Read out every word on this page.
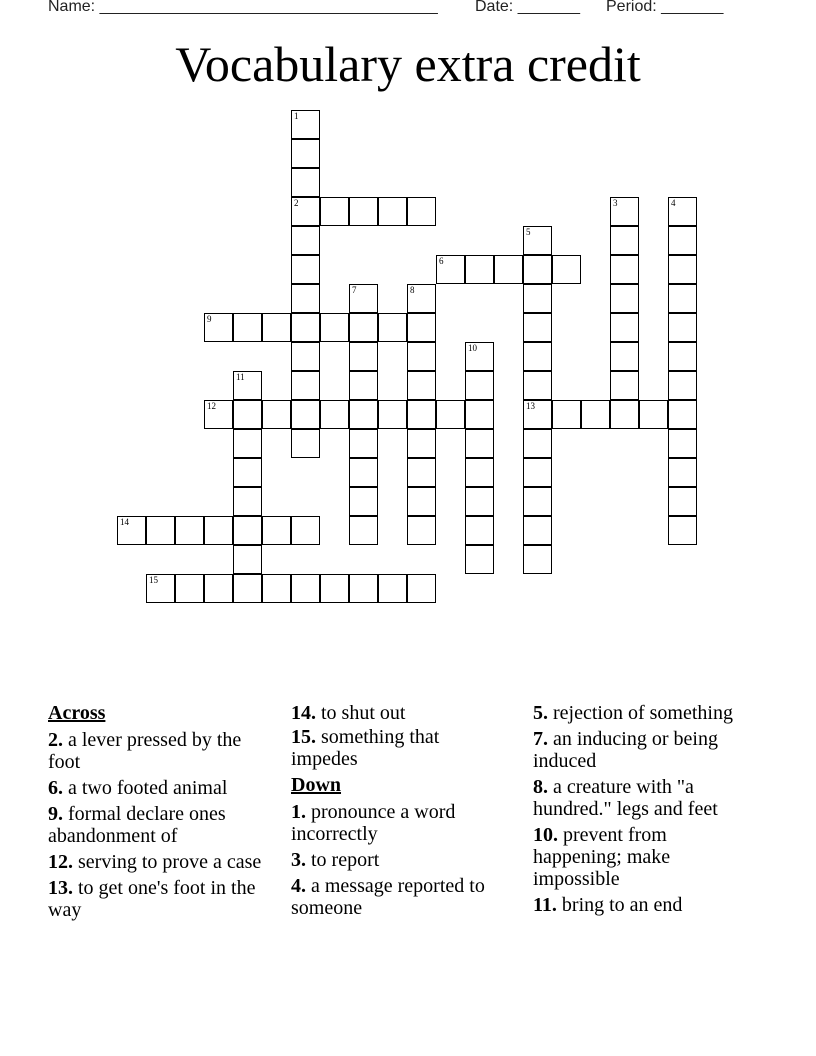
Name: ______________________________________ Date: _______ Period: _______
Vocabulary extra credit
1
2	3	4
5
13
6
7	8
9
10
11
12
14
15
Across
2. a lever pressed by the foot
6. a two footed animal
9. formal declare ones abandonment of
12. serving to prove a case
13. to get one's foot in the way
14. to shut out
15. something that impedes
Down
1. pronounce a word incorrectly
3. to report
4. a message reported to someone
5. rejection of something
7. an inducing or being induced
8. a creature with "a hundred." legs and feet
10. prevent from happening; make impossible
11. bring to an end
